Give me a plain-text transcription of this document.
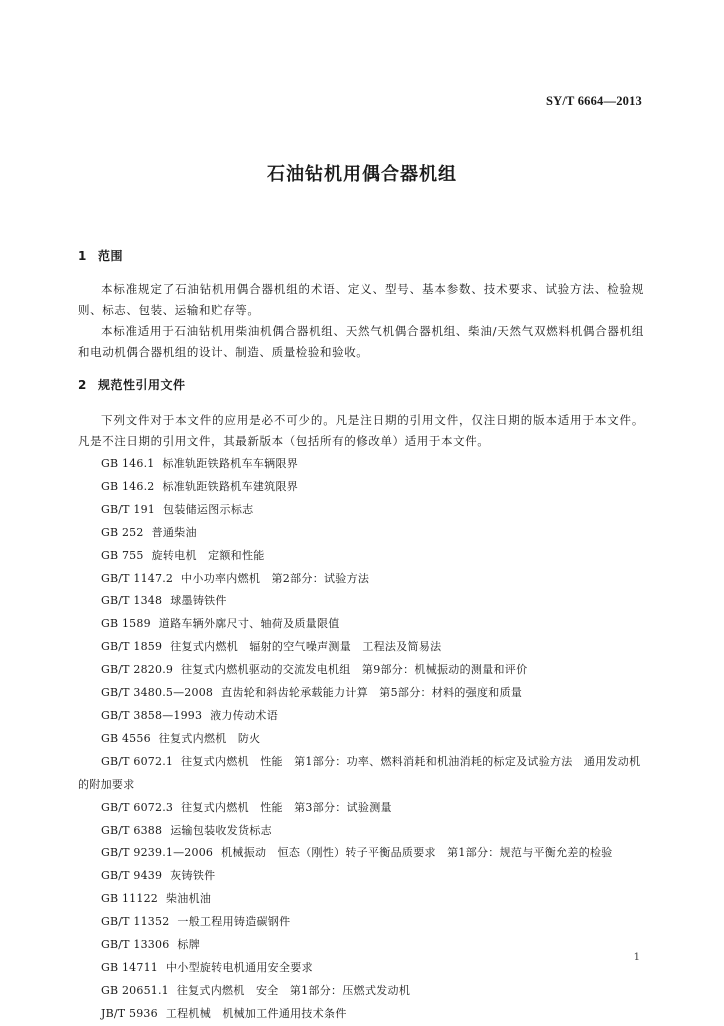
SY/T 6664—2013
石油钻机用偶合器机组
1 范围

本标准规定了石油钻机用偶合器机组的术语、定义、型号、基本参数、技术要求、试验方法、检验规则、标志、包装、运输和贮存等。

本标准适用于石油钻机用柴油机偶合器机组、天然气机偶合器机组、柴油/天然气双燃料机偶合器机组和电动机偶合器机组的设计、制造、质量检验和验收。

2 规范性引用文件

下列文件对于本文件的应用是必不可少的。凡是注日期的引用文件，仅注日期的版本适用于本文件。凡是不注日期的引用文件，其最新版本（包括所有的修改单）适用于本文件。

GB 146.1 标准轨距铁路机车车辆限界
GB 146.2 标准轨距铁路机车建筑限界
GB/T 191 包装储运图示标志
GB 252 普通柴油
GB 755 旋转电机　定额和性能
GB/T 1147.2 中小功率内燃机　第2部分：试验方法
GB/T 1348 球墨铸铁件
GB 1589 道路车辆外廓尺寸、轴荷及质量限值
GB/T 1859 往复式内燃机　辐射的空气噪声测量　工程法及简易法
GB/T 2820.9 往复式内燃机驱动的交流发电机组　第9部分：机械振动的测量和评价
GB/T 3480.5—2008 直齿轮和斜齿轮承载能力计算　第5部分：材料的强度和质量
GB/T 3858—1993 液力传动术语
GB 4556 往复式内燃机　防火
GB/T 6072.1 往复式内燃机　性能　第1部分：功率、燃料消耗和机油消耗的标定及试验方法　通用发动机的附加要求
GB/T 6072.3 往复式内燃机　性能　第3部分：试验测量
GB/T 6388 运输包装收发货标志
GB/T 9239.1—2006 机械振动　恒态（刚性）转子平衡品质要求　第1部分：规范与平衡允差的检验
GB/T 9439 灰铸铁件
GB 11122 柴油机油
GB/T 11352 一般工程用铸造碳钢件
GB/T 13306 标牌
GB 14711 中小型旋转电机通用安全要求
GB 20651.1 往复式内燃机　安全　第1部分：压燃式发动机
JB/T 5936 工程机械　机械加工件通用技术条件
1
